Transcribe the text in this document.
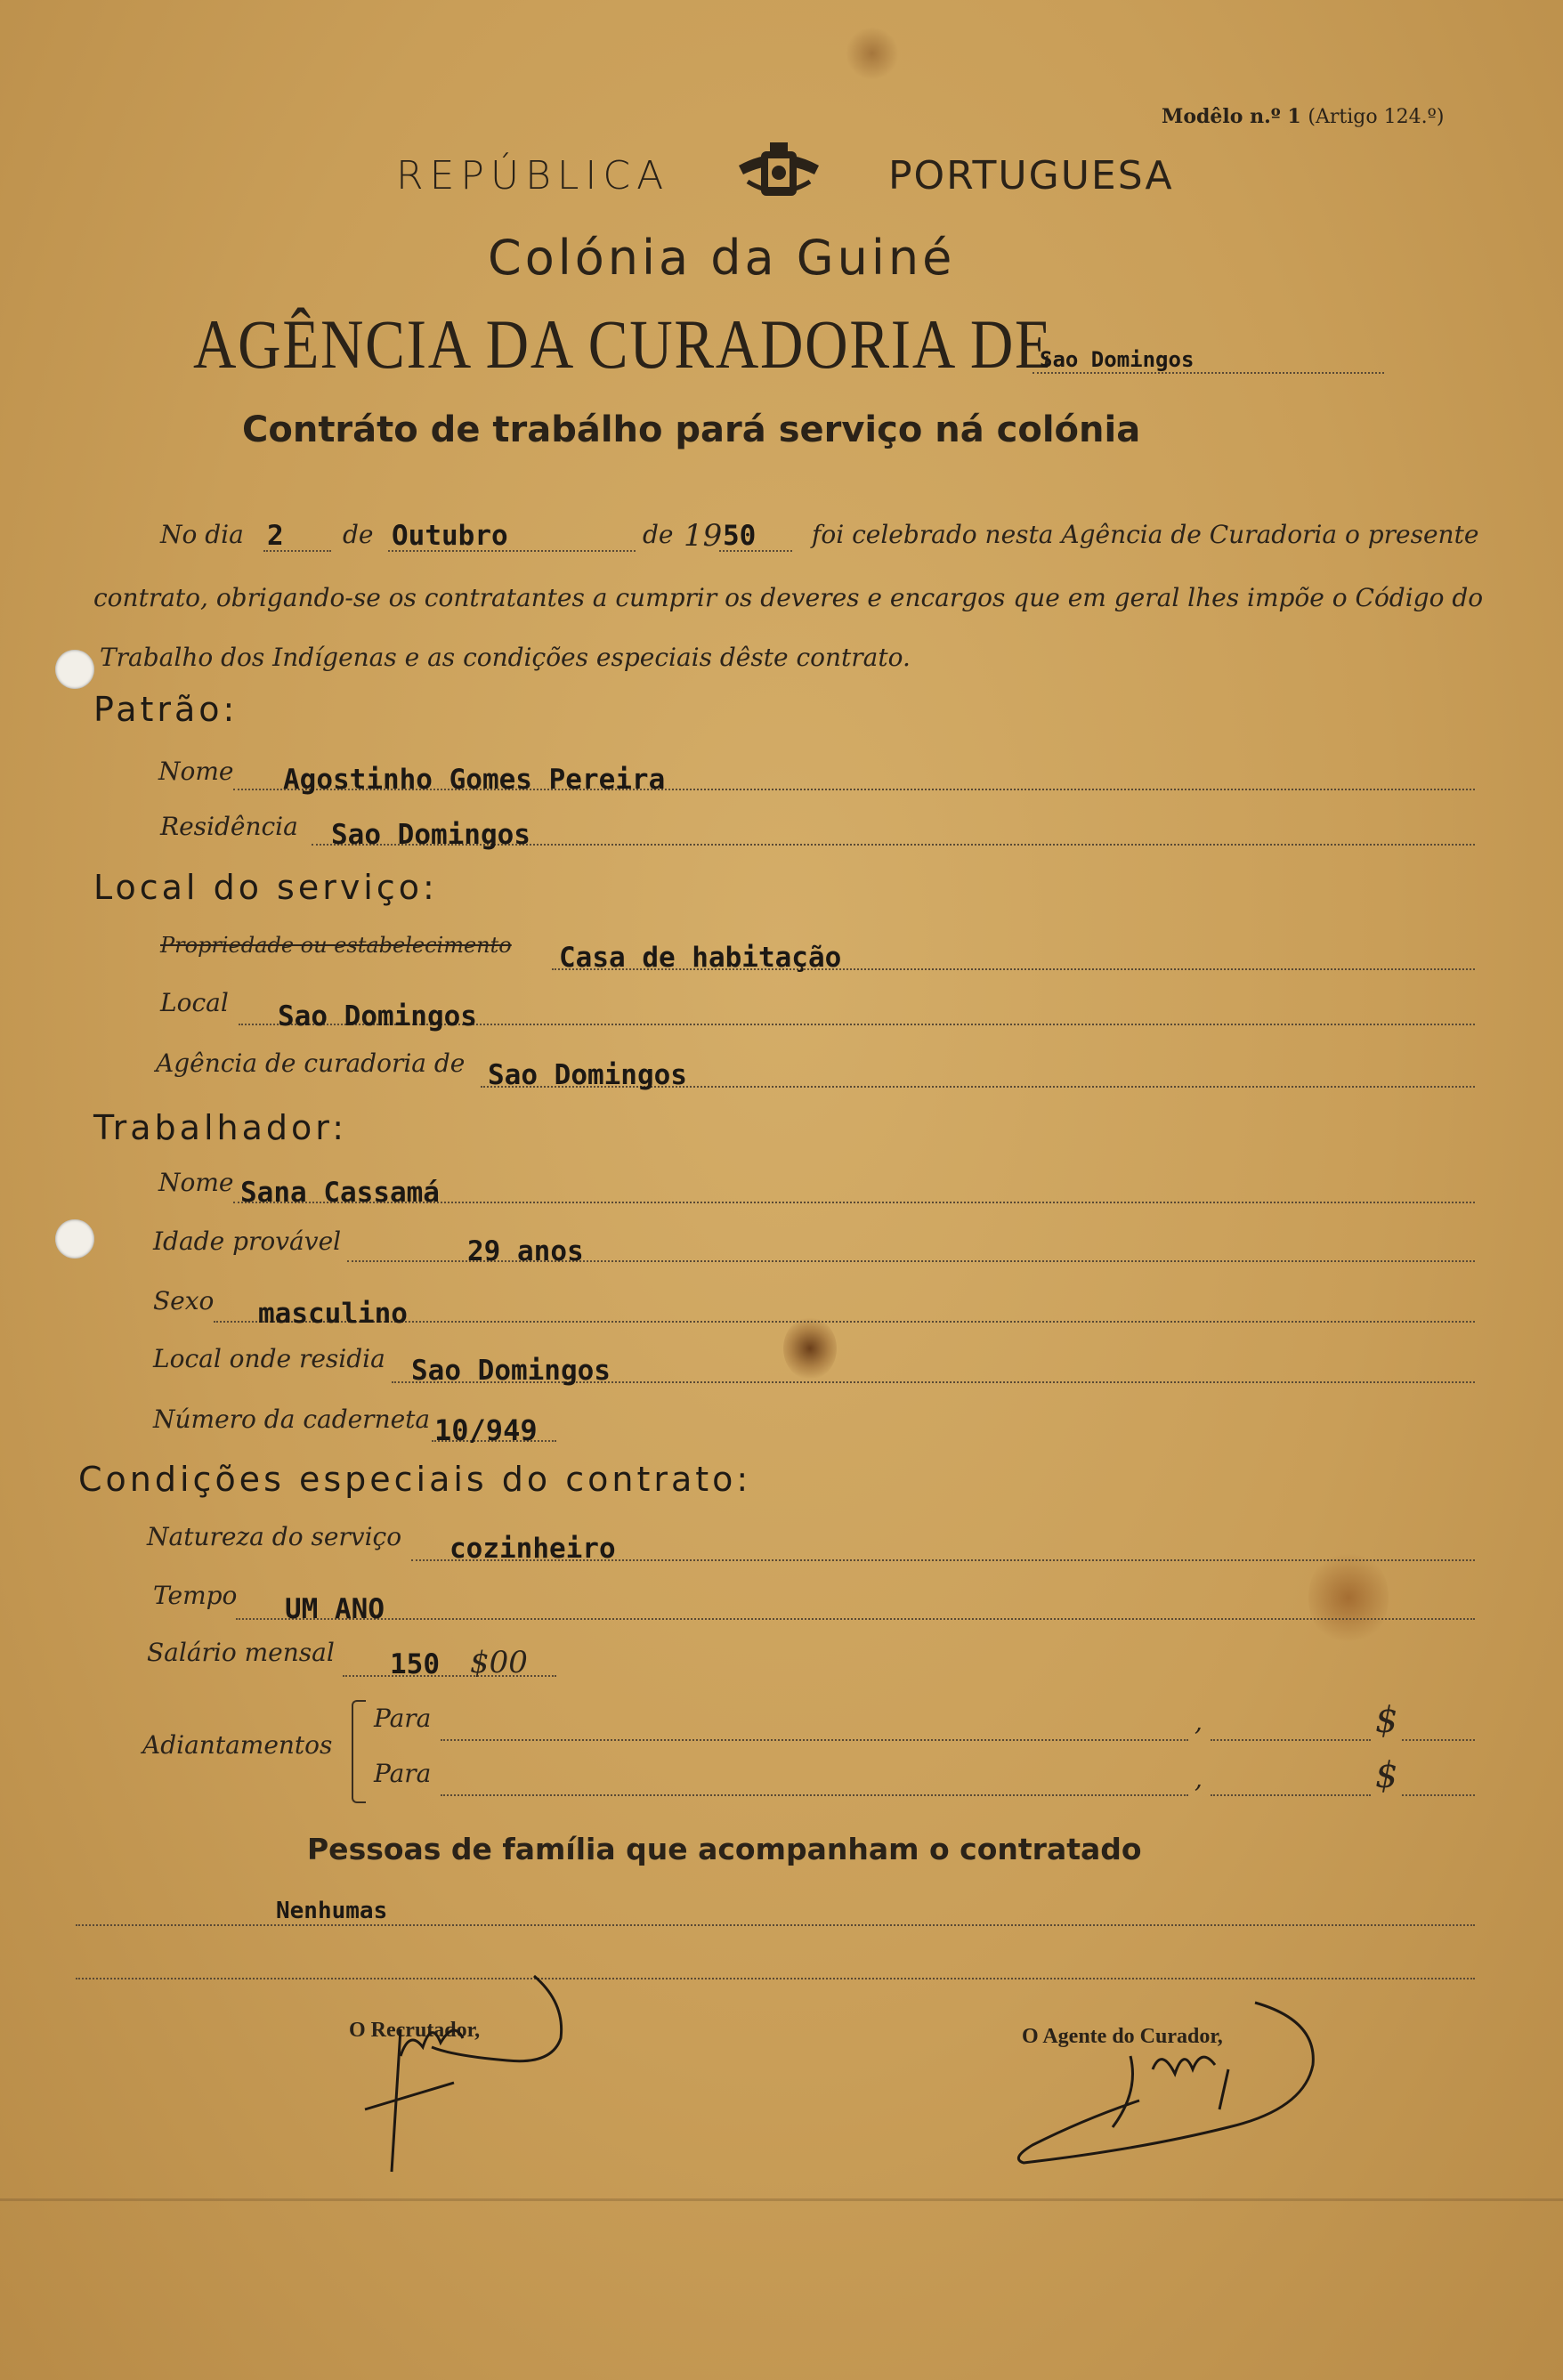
Modêlo n.º 1 (Artigo 124.º)
REPÚBLICA	PORTUGUESA
Colónia da Guiné
AGÊNCIA DA CURADORIA DE
Sao Domingos
Contráto de trabálho pará serviço ná colónia
No dia 2 de Outubro	de 19 50 foi celebrado nesta Agência de Curadoria o presente
contrato, obrigando-se os contratantes a cumprir os deveres e encargos que em geral lhes impõe o Código do
Trabalho dos Indígenas e as condições especiais dêste contrato.
Patrão:
Nome Agostinho Gomes Pereira
Residência Sao Domingos
Local do serviço:
Propriedade ou estabelecimento Casa de habitação
Local Sao Domingos
Agência de curadoria de Sao Domingos
Trabalhador:
Nome Sana Cassamá
Idade provável	29 anos
Sexo masculino
Local onde residia Sao Domingos
Número da caderneta 10/949
Condições especiais do contrato:
Natureza do serviço cozinheiro
Tempo UM ANO
Salário mensal 150 $00
Adiantamentos
Para	,	$
Para	,	$
Pessoas de família que acompanham o contratado
Nenhumas
O Recrutador,	O Agente do Curador,
